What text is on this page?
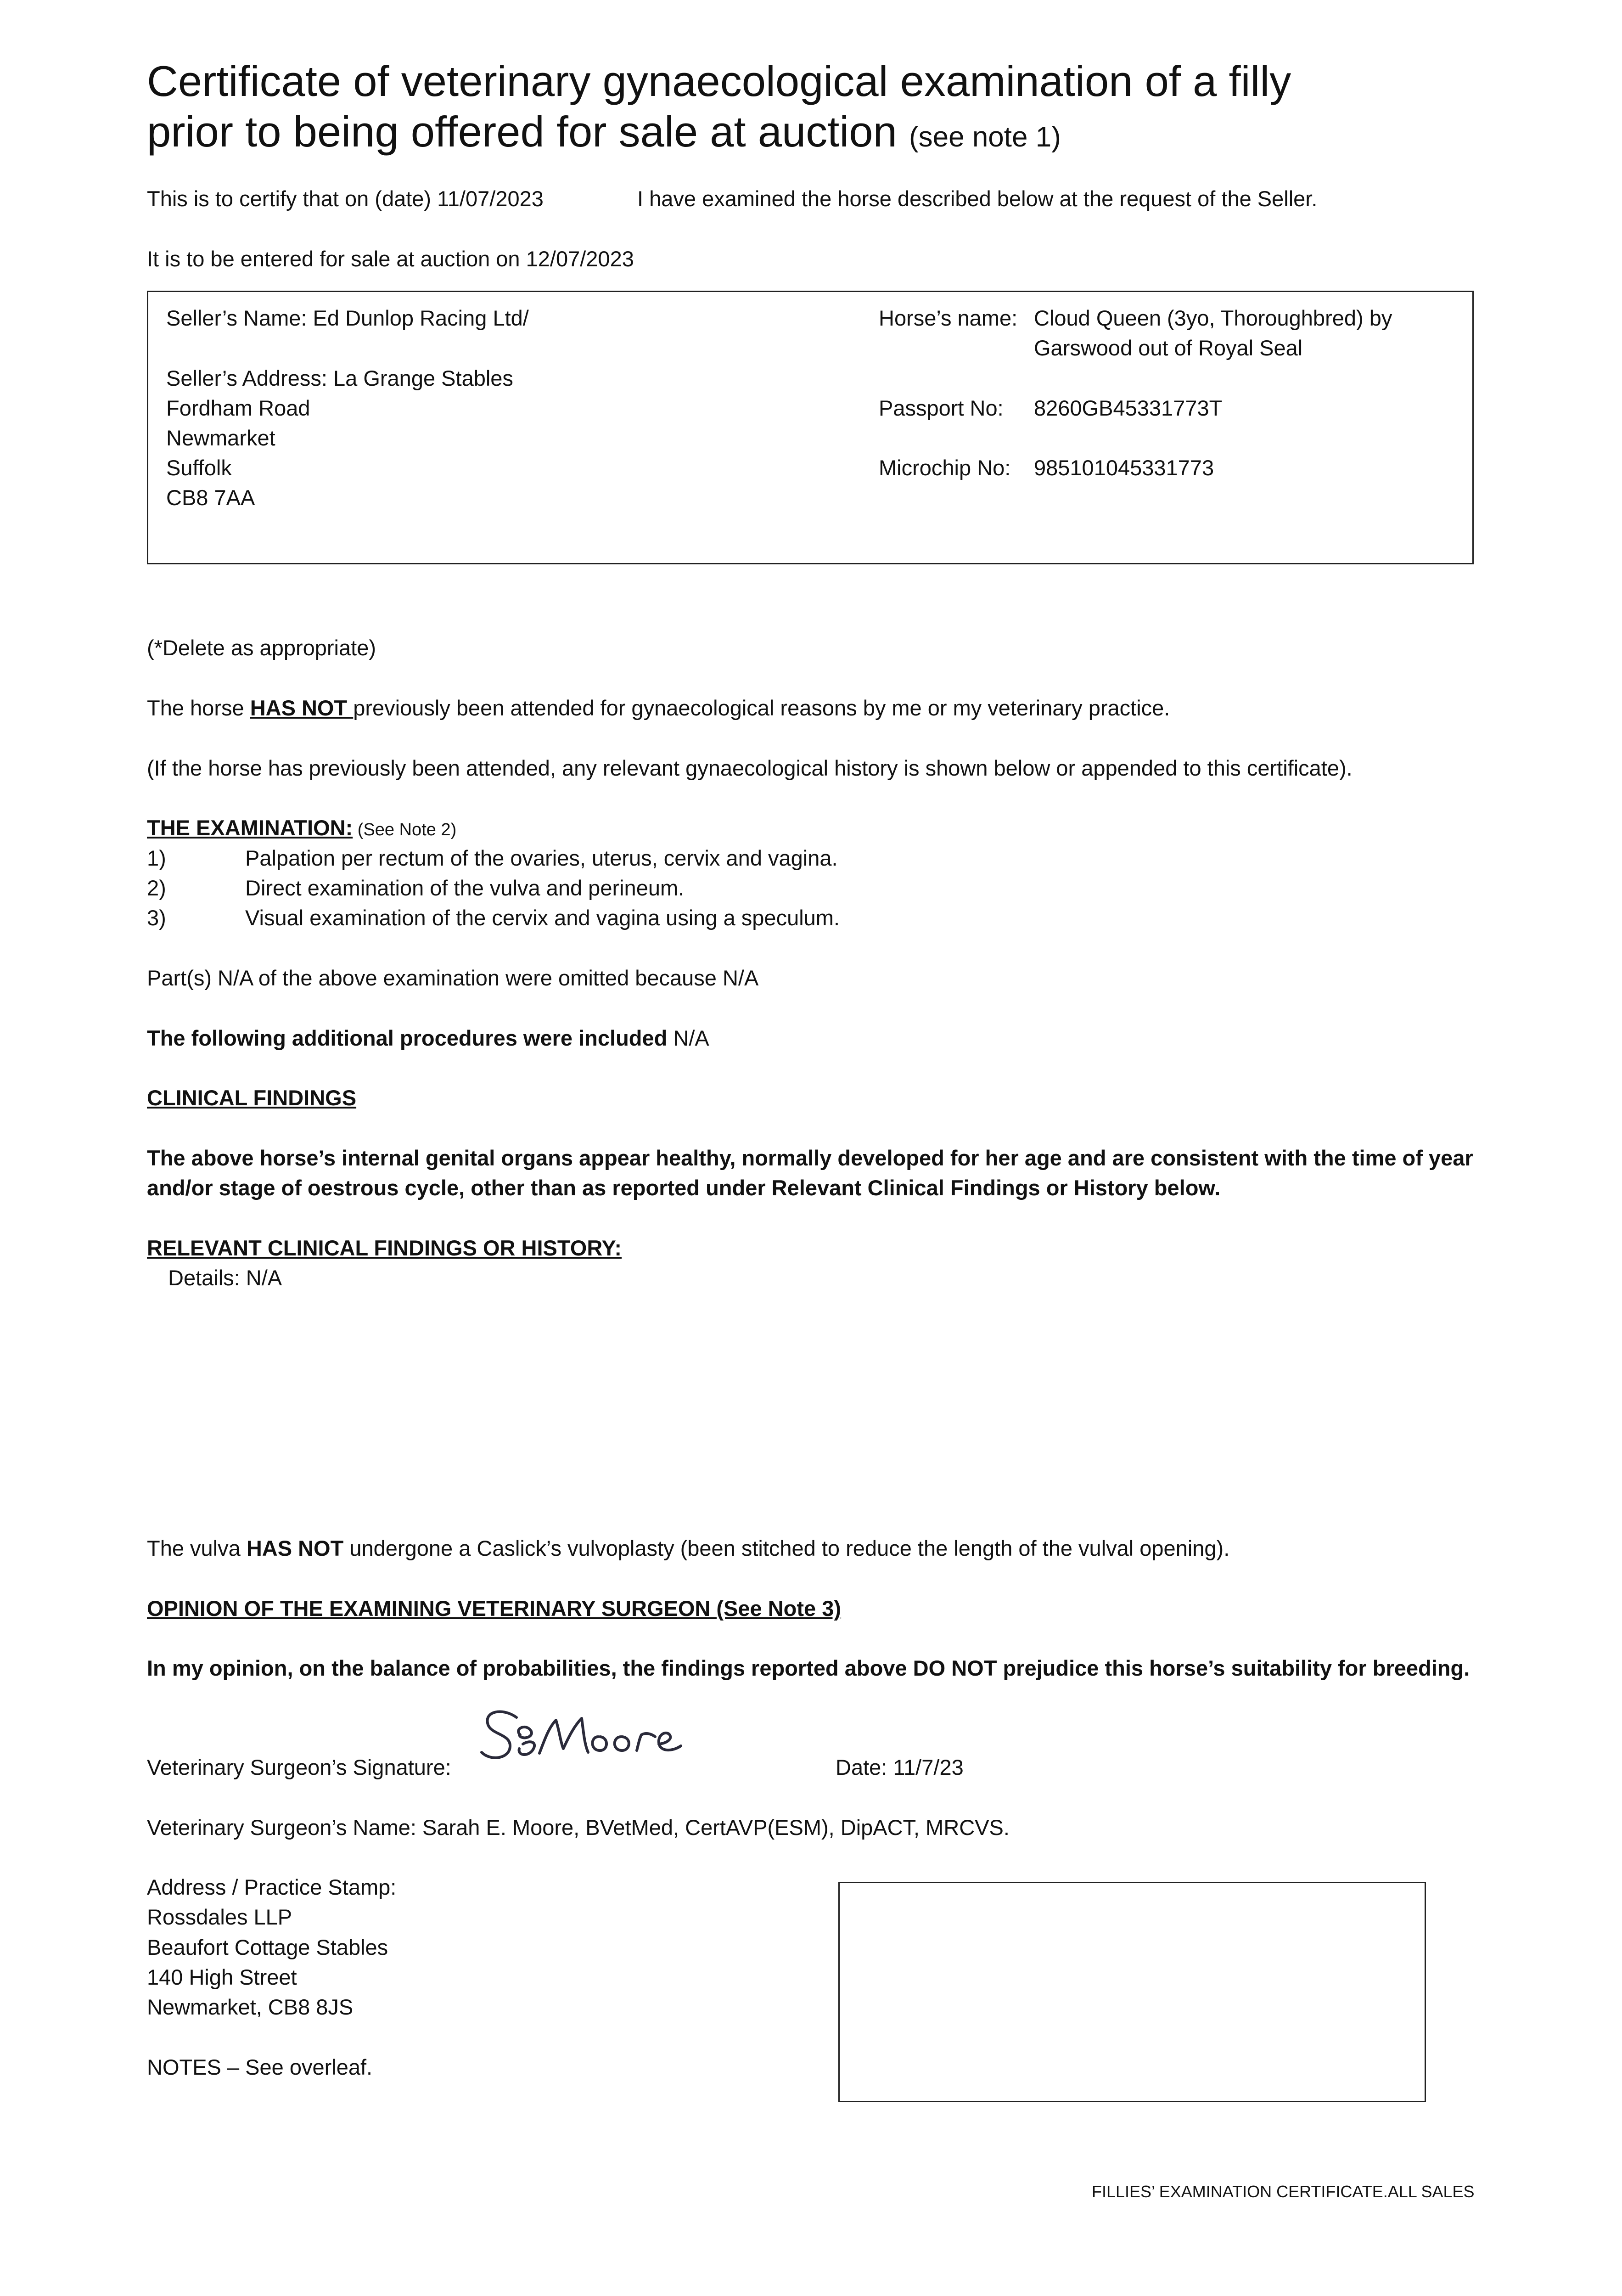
Certificate of veterinary gynaecological examination of a filly
prior to being offered for sale at auction (see note 1)
This is to certify that on (date) 11/07/2023	I have examined the horse described below at the request of the Seller.
It is to be entered for sale at auction on 12/07/2023
Seller’s Name: Ed Dunlop Racing Ltd/
Seller’s Address: La Grange Stables
Fordham Road
Newmarket
Suffolk
CB8 7AA
Horse’s name: Cloud Queen (3yo, Thoroughbred) by
Garswood out of Royal Seal
Passport No: 8260GB45331773T
Microchip No: 985101045331773
(*Delete as appropriate)
The horse HAS NOT previously been attended for gynaecological reasons by me or my veterinary practice.
(If the horse has previously been attended, any relevant gynaecological history is shown below or appended to this certificate).
THE EXAMINATION: (See Note 2)
1)	Palpation per rectum of the ovaries, uterus, cervix and vagina.
2)	Direct examination of the vulva and perineum.
3)	Visual examination of the cervix and vagina using a speculum.
Part(s) N/A of the above examination were omitted because N/A
The following additional procedures were included N/A
CLINICAL FINDINGS
The above horse’s internal genital organs appear healthy, normally developed for her age and are consistent with the time of year
and/or stage of oestrous cycle, other than as reported under Relevant Clinical Findings or History below.
RELEVANT CLINICAL FINDINGS OR HISTORY:
Details: N/A
The vulva HAS NOT undergone a Caslick’s vulvoplasty (been stitched to reduce the length of the vulval opening).
OPINION OF THE EXAMINING VETERINARY SURGEON (See Note 3)
In my opinion, on the balance of probabilities, the findings reported above DO NOT prejudice this horse’s suitability for breeding.
Veterinary Surgeon’s Signature:	Date: 11/7/23
Veterinary Surgeon’s Name: Sarah E. Moore, BVetMed, CertAVP(ESM), DipACT, MRCVS.
Address / Practice Stamp:
Rossdales LLP
Beaufort Cottage Stables
140 High Street
Newmarket, CB8 8JS
NOTES – See overleaf.
FILLIES’ EXAMINATION CERTIFICATE.ALL SALES
